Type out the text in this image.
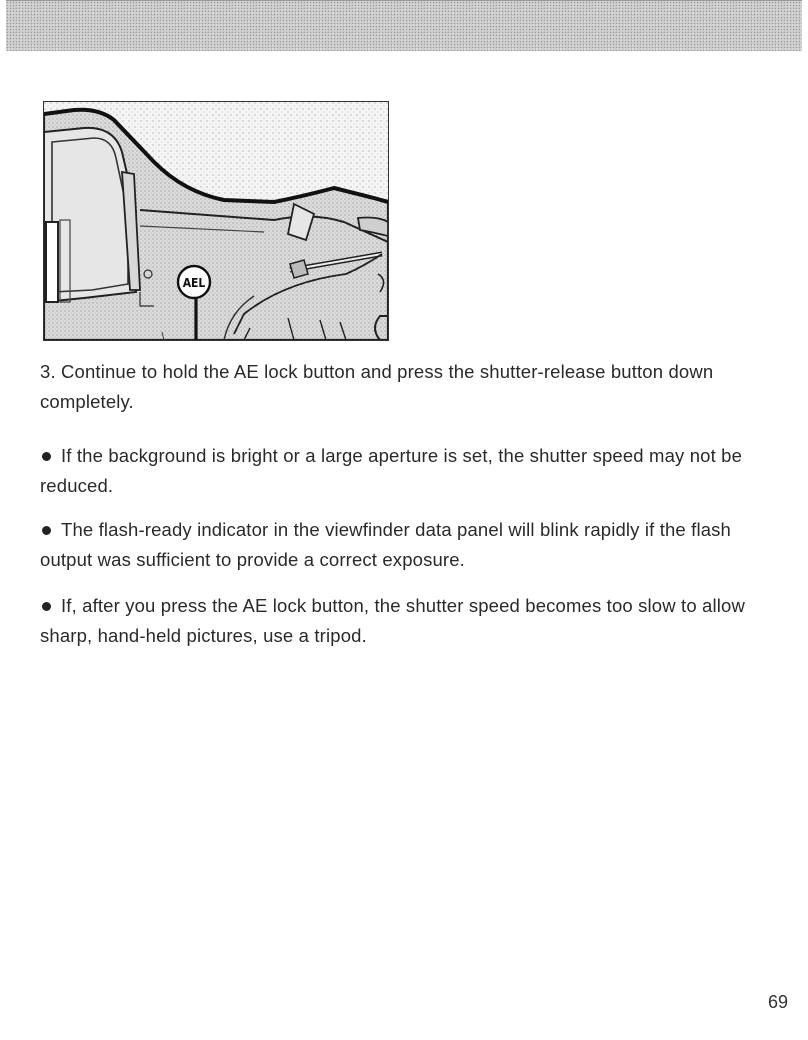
AEL
3. Continue to hold the AE lock button and press the shutter-release button down completely.
If the background is bright or a large aperture is set, the shutter speed may not be reduced.
The flash-ready indicator in the viewfinder data panel will blink rapidly if the flash output was sufficient to provide a correct exposure.
If, after you press the AE lock button, the shutter speed becomes too slow to allow sharp, hand-held pictures, use a tripod.
69
